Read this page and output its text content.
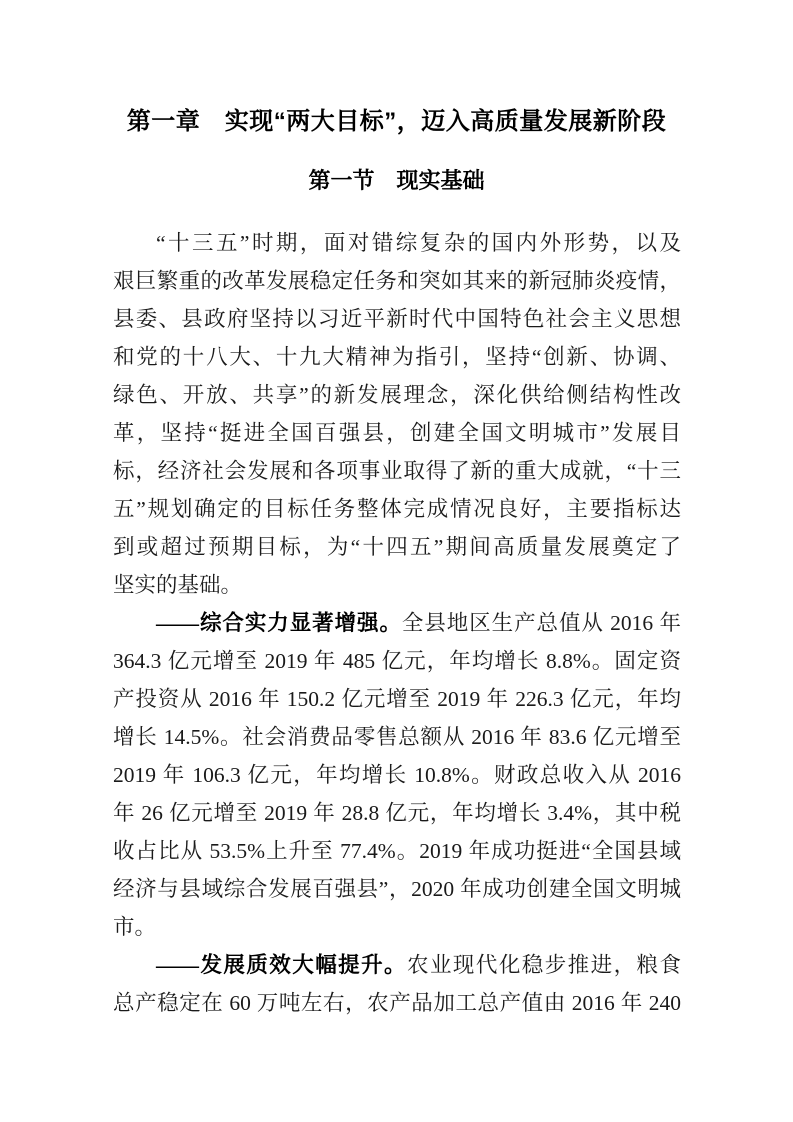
第一章　实现“两大目标”，迈入高质量发展新阶段
第一节　现实基础
“十三五”时期，面对错综复杂的国内外形势，以及
艰巨繁重的改革发展稳定任务和突如其来的新冠肺炎疫情，
县委、县政府坚持以习近平新时代中国特色社会主义思想
和党的十八大、十九大精神为指引，坚持“创新、协调、
绿色、开放、共享”的新发展理念，深化供给侧结构性改
革，坚持“挺进全国百强县，创建全国文明城市”发展目
标，经济社会发展和各项事业取得了新的重大成就，“十三
五”规划确定的目标任务整体完成情况良好，主要指标达
到或超过预期目标，为“十四五”期间高质量发展奠定了
坚实的基础。
——综合实力显著增强。全县地区生产总值从 2016 年
364.3 亿元增至 2019 年 485 亿元，年均增长 8.8%。固定资
产投资从 2016 年 150.2 亿元增至 2019 年 226.3 亿元，年均
增长 14.5%。社会消费品零售总额从 2016 年 83.6 亿元增至
2019 年 106.3 亿元，年均增长 10.8%。财政总收入从 2016
年 26 亿元增至 2019 年 28.8 亿元，年均增长 3.4%，其中税
收占比从 53.5%上升至 77.4%。2019 年成功挺进“全国县域
经济与县域综合发展百强县”，2020 年成功创建全国文明城
市。
——发展质效大幅提升。农业现代化稳步推进，粮食
总产稳定在 60 万吨左右，农产品加工总产值由 2016 年 240
